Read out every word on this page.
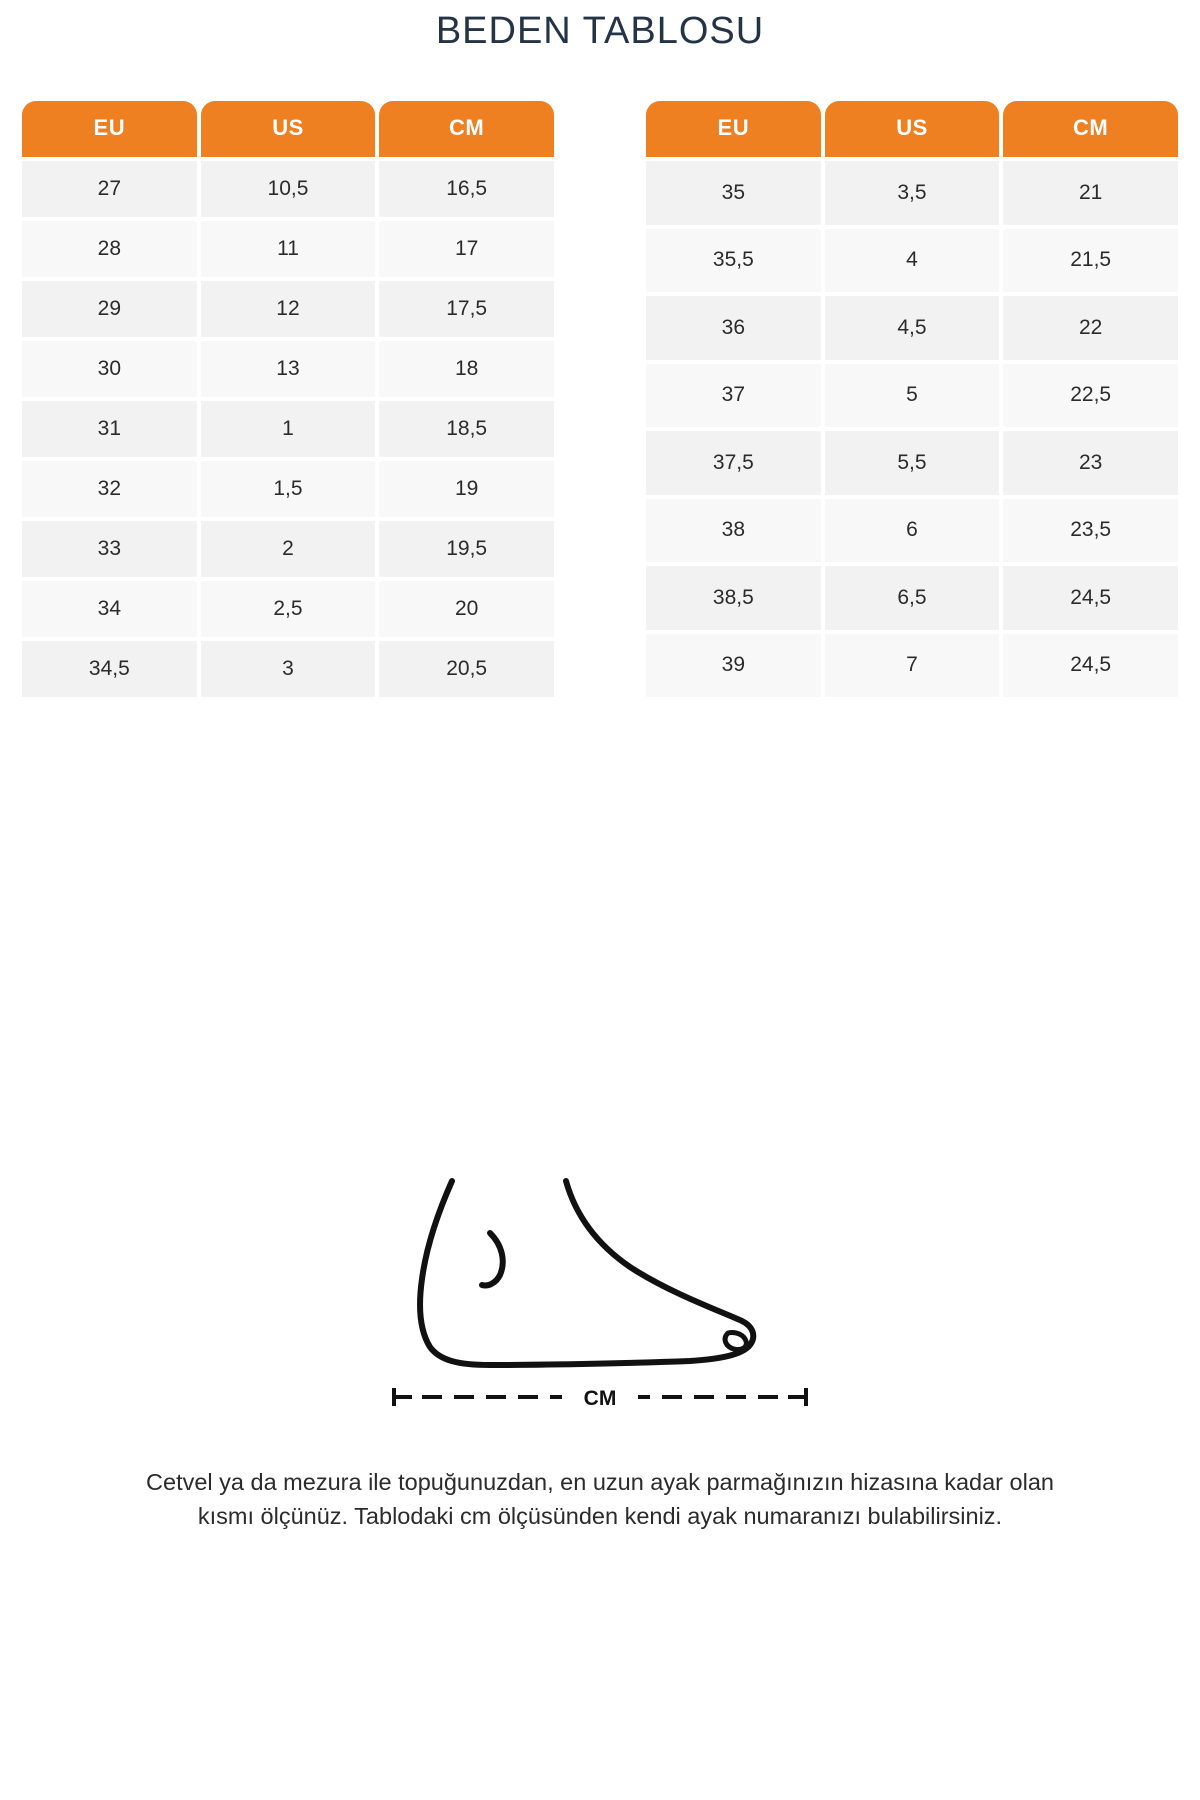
BEDEN TABLOSU
EU	US	CM
27	10,5	16,5
28	11	17
29	12	17,5
30	13	18
31	1	18,5
32	1,5	19
33	2	19,5
34	2,5	20
34,5	3	20,5
EU	US	CM
35	3,5	21
35,5	4	21,5
36	4,5	22
37	5	22,5
37,5	5,5	23
38	6	23,5
38,5	6,5	24,5
39	7	24,5
CM

Cetvel ya da mezura ile topuğunuzdan, en uzun ayak parmağınızın hizasına kadar olan kısmı ölçünüz. Tablodaki cm ölçüsünden kendi ayak numaranızı bulabilirsiniz.
